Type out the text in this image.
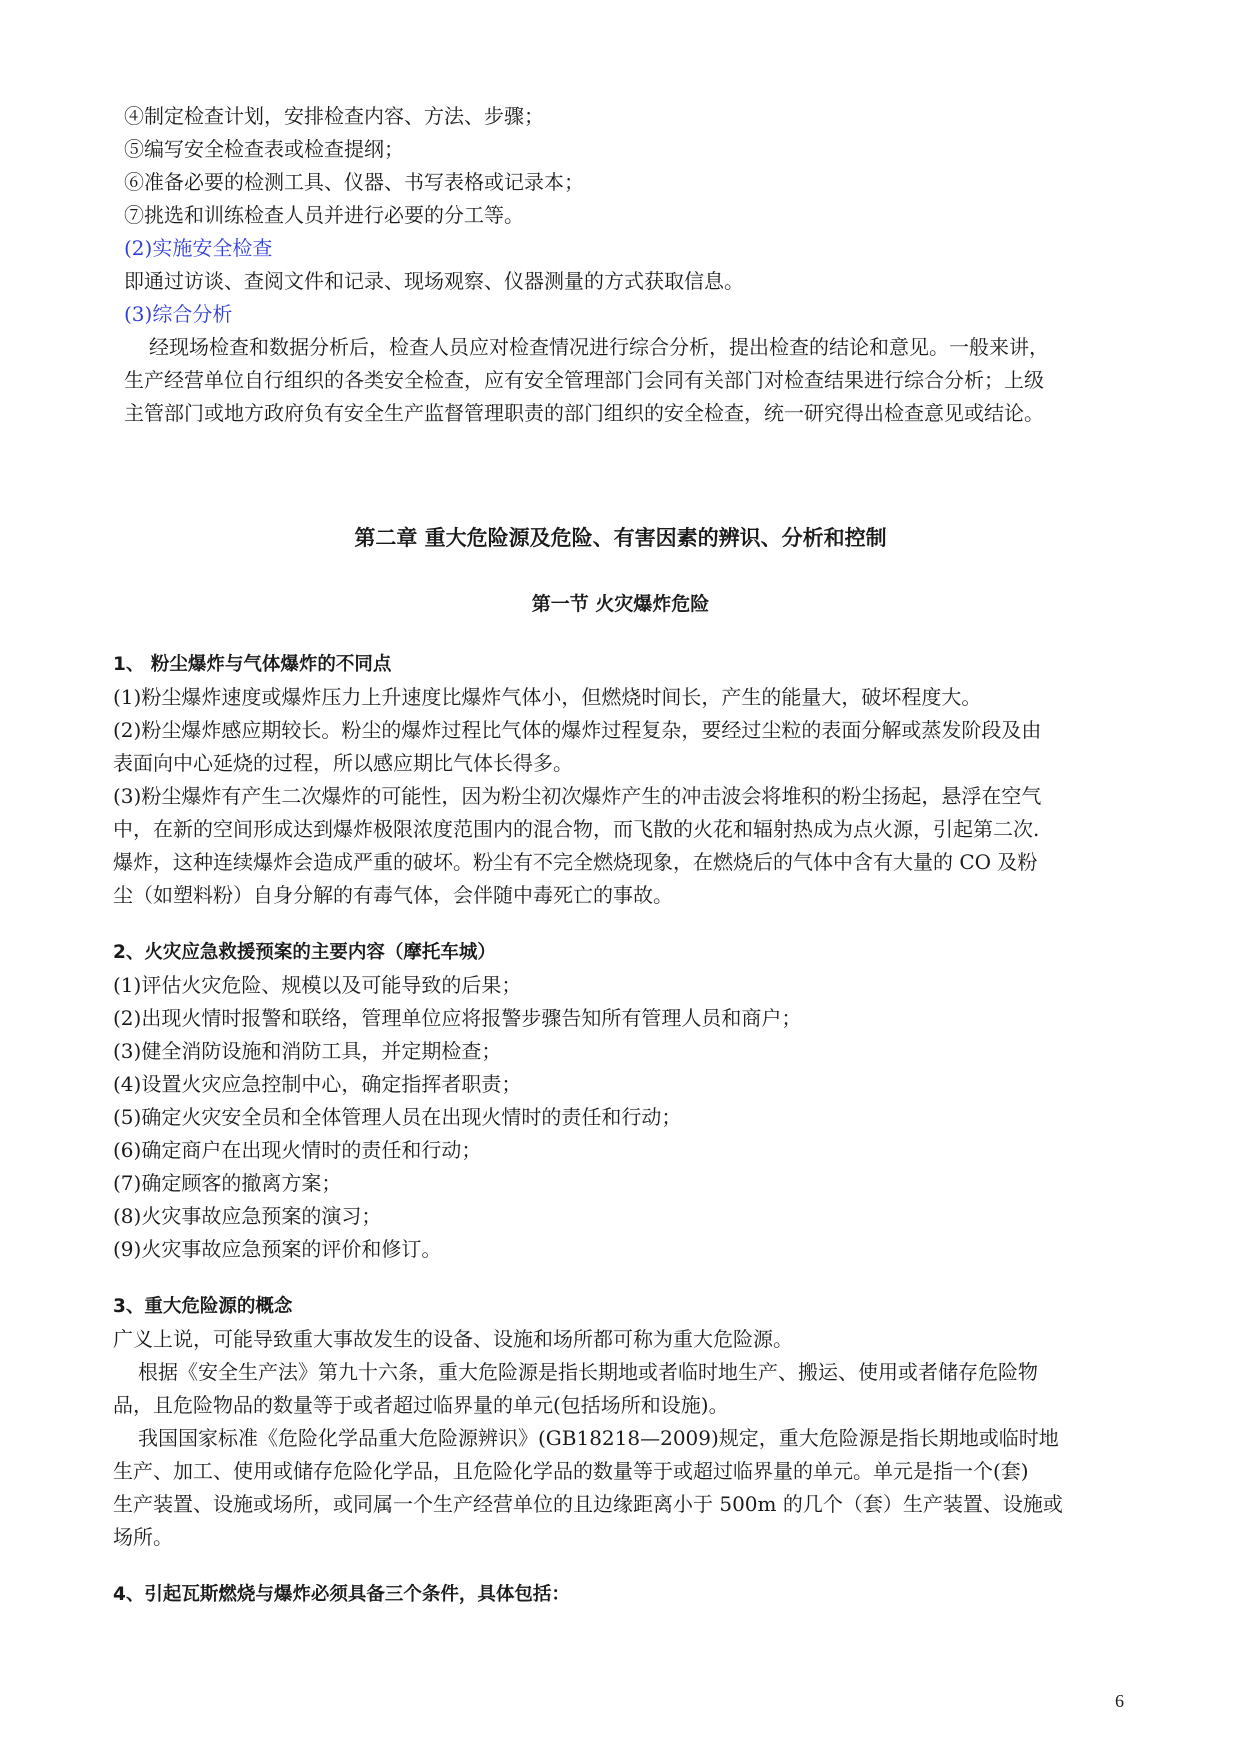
④制定检查计划，安排检查内容、方法、步骤；
⑤编写安全检查表或检查提纲；
⑥准备必要的检测工具、仪器、书写表格或记录本；
⑦挑选和训练检查人员并进行必要的分工等。
(2)实施安全检查
即通过访谈、查阅文件和记录、现场观察、仪器测量的方式获取信息。
(3)综合分析
经现场检查和数据分析后，检查人员应对检查情况进行综合分析，提出检查的结论和意见。一般来讲，
生产经营单位自行组织的各类安全检查，应有安全管理部门会同有关部门对检查结果进行综合分析；上级
主管部门或地方政府负有安全生产监督管理职责的部门组织的安全检查，统一研究得出检查意见或结论。
第二章 重大危险源及危险、有害因素的辨识、分析和控制
第一节 火灾爆炸危险
1、 粉尘爆炸与气体爆炸的不同点
(1)粉尘爆炸速度或爆炸压力上升速度比爆炸气体小，但燃烧时间长，产生的能量大，破坏程度大。
(2)粉尘爆炸感应期较长。粉尘的爆炸过程比气体的爆炸过程复杂，要经过尘粒的表面分解或蒸发阶段及由
表面向中心延烧的过程，所以感应期比气体长得多。
(3)粉尘爆炸有产生二次爆炸的可能性，因为粉尘初次爆炸产生的冲击波会将堆积的粉尘扬起，悬浮在空气
中，在新的空间形成达到爆炸极限浓度范围内的混合物，而飞散的火花和辐射热成为点火源，引起第二次.
爆炸，这种连续爆炸会造成严重的破坏。粉尘有不完全燃烧现象，在燃烧后的气体中含有大量的 CO 及粉
尘（如塑料粉）自身分解的有毒气体，会伴随中毒死亡的事故。
2、火灾应急救援预案的主要内容（摩托车城）
(1)评估火灾危险、规模以及可能导致的后果；
(2)出现火情时报警和联络，管理单位应将报警步骤告知所有管理人员和商户；
(3)健全消防设施和消防工具，并定期检查；
(4)设置火灾应急控制中心，确定指挥者职责；
(5)确定火灾安全员和全体管理人员在出现火情时的责任和行动；
(6)确定商户在出现火情时的责任和行动；
(7)确定顾客的撤离方案；
(8)火灾事故应急预案的演习；
(9)火灾事故应急预案的评价和修订。
3、重大危险源的概念
广义上说，可能导致重大事故发生的设备、设施和场所都可称为重大危险源。
根据《安全生产法》第九十六条，重大危险源是指长期地或者临时地生产、搬运、使用或者储存危险物
品，且危险物品的数量等于或者超过临界量的单元(包括场所和设施)。
我国国家标准《危险化学品重大危险源辨识》(GB18218—2009)规定，重大危险源是指长期地或临时地
生产、加工、使用或储存危险化学品，且危险化学品的数量等于或超过临界量的单元。单元是指一个(套)
生产装置、设施或场所，或同属一个生产经营单位的且边缘距离小于 500m 的几个（套）生产装置、设施或
场所。
4、引起瓦斯燃烧与爆炸必须具备三个条件，具体包括：
6
